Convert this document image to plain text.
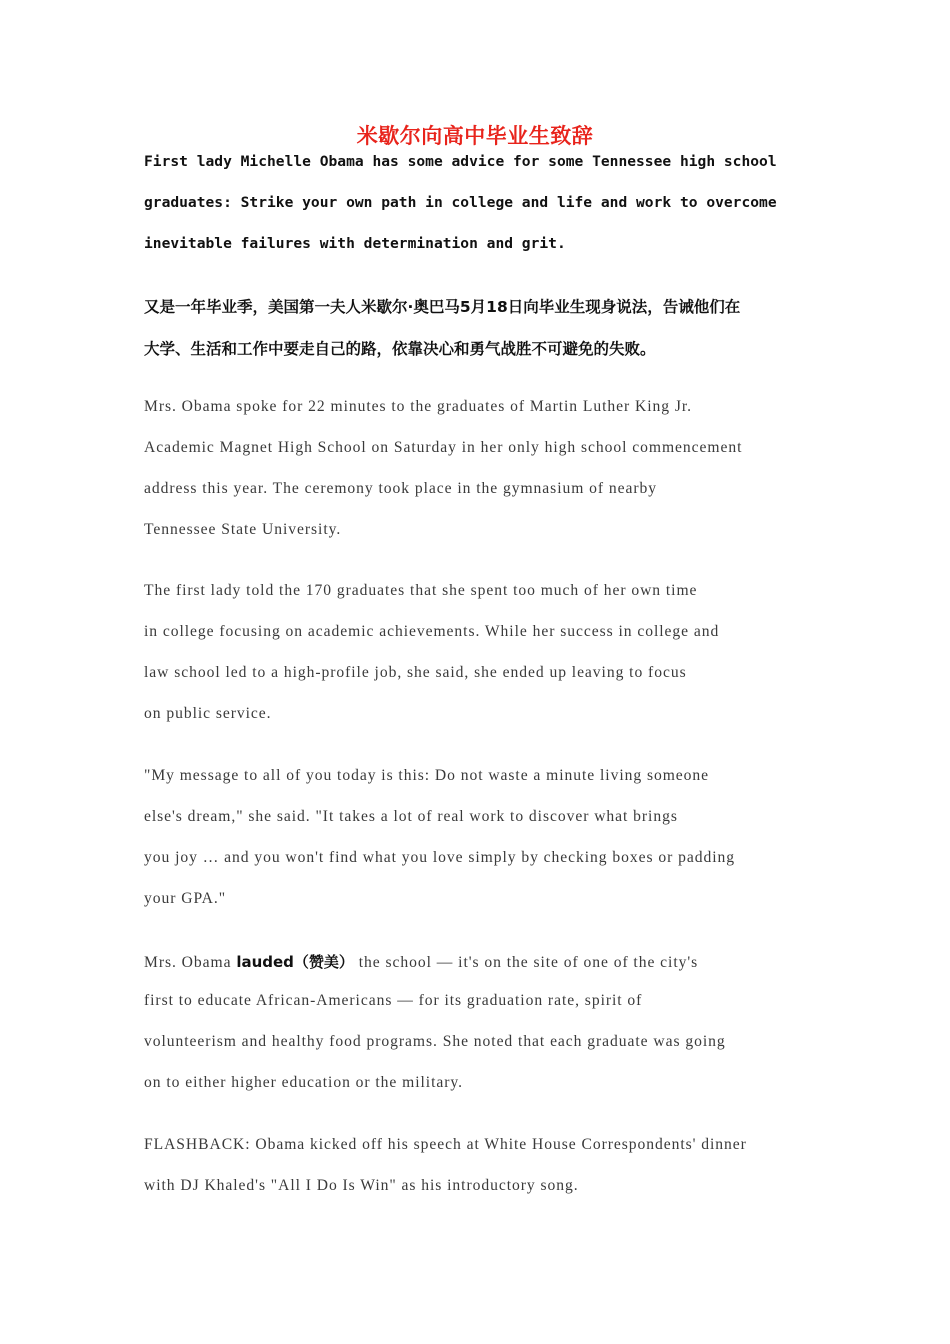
米歇尔向高中毕业生致辞
First lady Michelle Obama has some advice for some Tennessee high school
graduates: Strike your own path in college and life and work to overcome
inevitable failures with determination and grit.
又是一年毕业季，美国第一夫人米歇尔·奥巴马5月18日向毕业生现身说法，告诫他们在
大学、生活和工作中要走自己的路，依靠决心和勇气战胜不可避免的失败。
Mrs. Obama spoke for 22 minutes to the graduates of Martin Luther King Jr.
Academic Magnet High School on Saturday in her only high school commencement
address this year. The ceremony took place in the gymnasium of nearby
Tennessee State University.
The first lady told the 170 graduates that she spent too much of her own time
in college focusing on academic achievements. While her success in college and
law school led to a high-profile job, she said, she ended up leaving to focus
on public service.
"My message to all of you today is this: Do not waste a minute living someone
else's dream," she said. "It takes a lot of real work to discover what brings
you joy … and you won't find what you love simply by checking boxes or padding
your GPA."
Mrs. Obama lauded（赞美） the school — it's on the site of one of the city's
first to educate African-Americans — for its graduation rate, spirit of
volunteerism and healthy food programs. She noted that each graduate was going
on to either higher education or the military.
FLASHBACK: Obama kicked off his speech at White House Correspondents' dinner
with DJ Khaled's "All I Do Is Win" as his introductory song.
